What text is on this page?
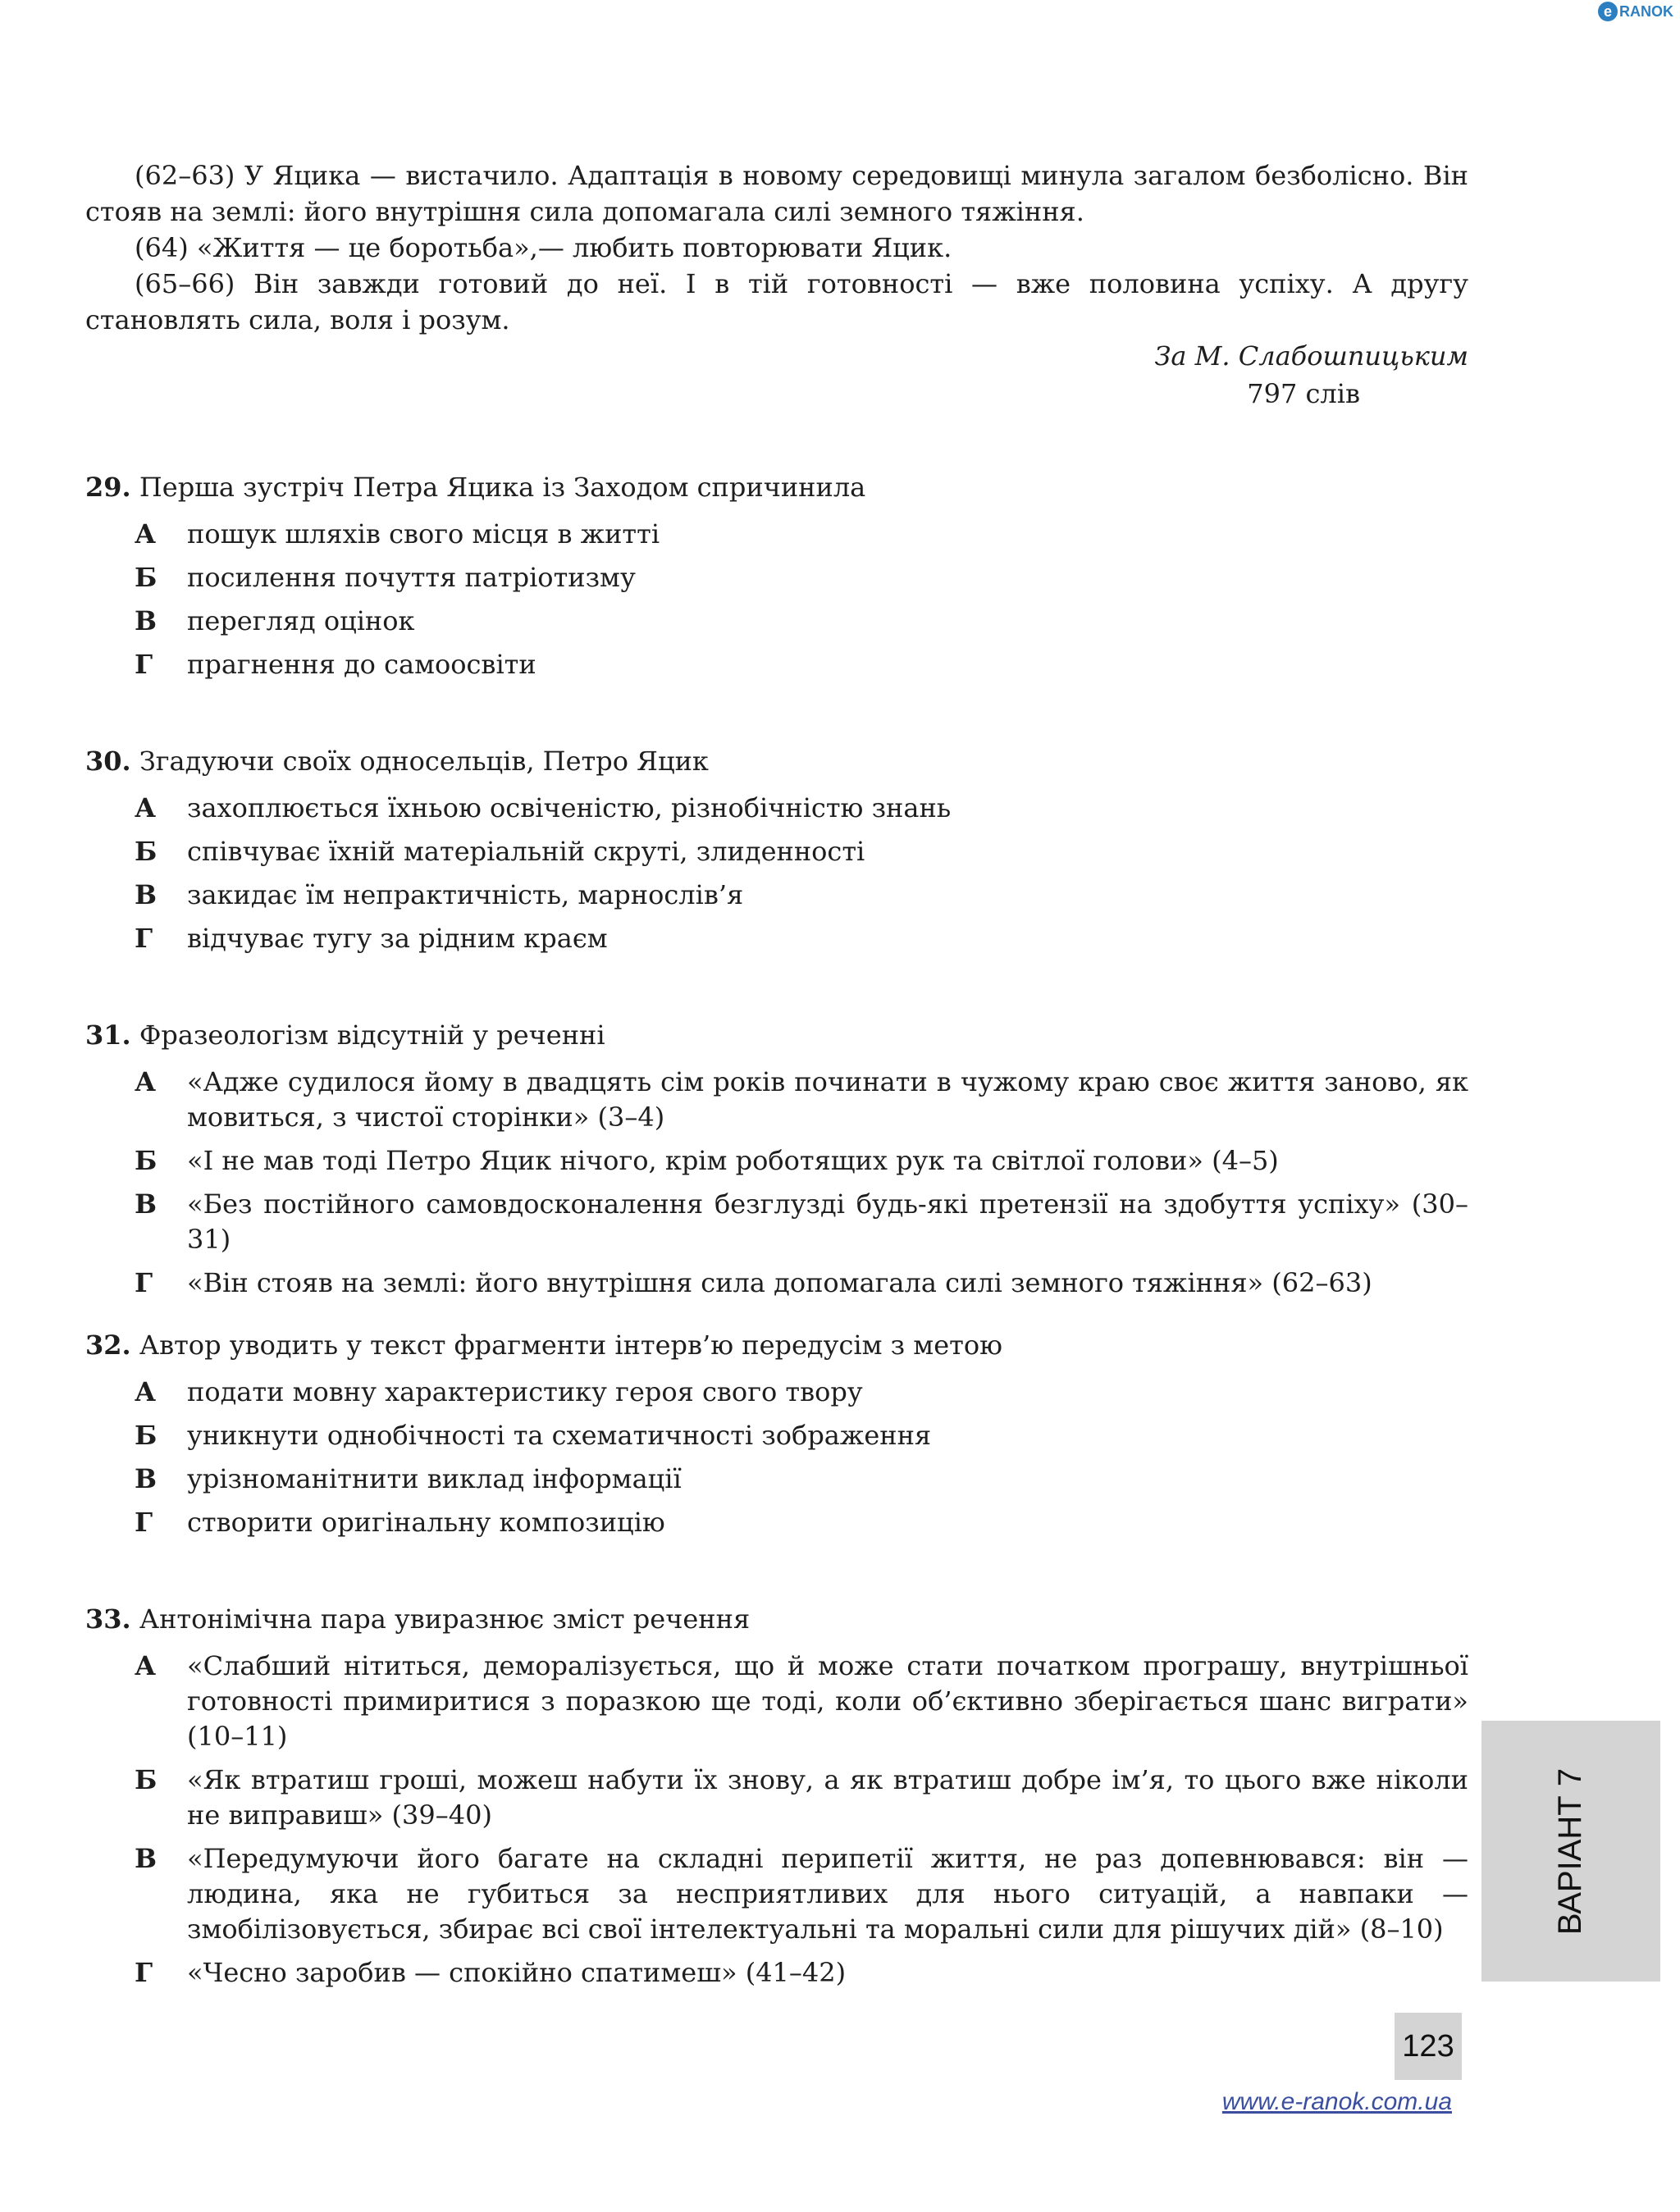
e RANOK

(62–63) У Яцика — вистачило. Адаптація в новому середовищі минула загалом безболісно. Він стояв на землі: його внутрішня сила допомагала силі земного тяжіння.

(64) «Життя — це боротьба»,— любить повторювати Яцик.

(65–66) Він завжди готовий до неї. І в тій готовності — вже половина успіху. А другу становлять сила, воля і розум.

За М. Слабошпицьким
797 слів
29. Перша зустріч Петра Яцика із Заходом спричинила
А	пошук шляхів свого місця в житті
Б	посилення почуття патріотизму
В	перегляд оцінок
Г	прагнення до самоосвіти
30. Згадуючи своїх односельців, Петро Яцик
А	захоплюється їхньою освіченістю, різнобічністю знань
Б	співчуває їхній матеріальній скруті, злиденності
В	закидає їм непрактичність, марнослів’я
Г	відчуває тугу за рідним краєм
31. Фразеологізм відсутній у реченні
А	«Адже судилося йому в двадцять сім років починати в чужому краю своє життя заново, як мовиться, з чистої сторінки» (3–4)
Б	«І не мав тоді Петро Яцик нічого, крім роботящих рук та світлої голови» (4–5)
В	«Без постійного самовдосконалення безглузді будь-які претензії на здобуття успіху» (30–31)
Г	«Він стояв на землі: його внутрішня сила допомагала силі земного тяжіння» (62–63)
32. Автор уводить у текст фрагменти інтерв’ю передусім з метою
А	подати мовну характеристику героя свого твору
Б	уникнути однобічності та схематичності зображення
В	урізноманітнити виклад інформації
Г	створити оригінальну композицію
33. Антонімічна пара увиразнює зміст речення
А	«Слабший нітиться, деморалізується, що й може стати початком програшу, внутрішньої готовності примиритися з поразкою ще тоді, коли об’єктивно зберігається шанс виграти» (10–11)
Б	«Як втратиш гроші, можеш набути їх знову, а як втратиш добре ім’я, то цього вже ніколи не виправиш» (39–40)
В	«Передумуючи його багате на складні перипетії життя, не раз допевнювався: він — людина, яка не губиться за несприятливих для нього ситуацій, а навпаки — змобілізовується, збирає всі свої інтелектуальні та моральні сили для рішучих дій» (8–10)
Г	«Чесно заробив — спокійно спатимеш» (41–42)
ВАРІАНТ 7
123
www.e-ranok.com.ua
